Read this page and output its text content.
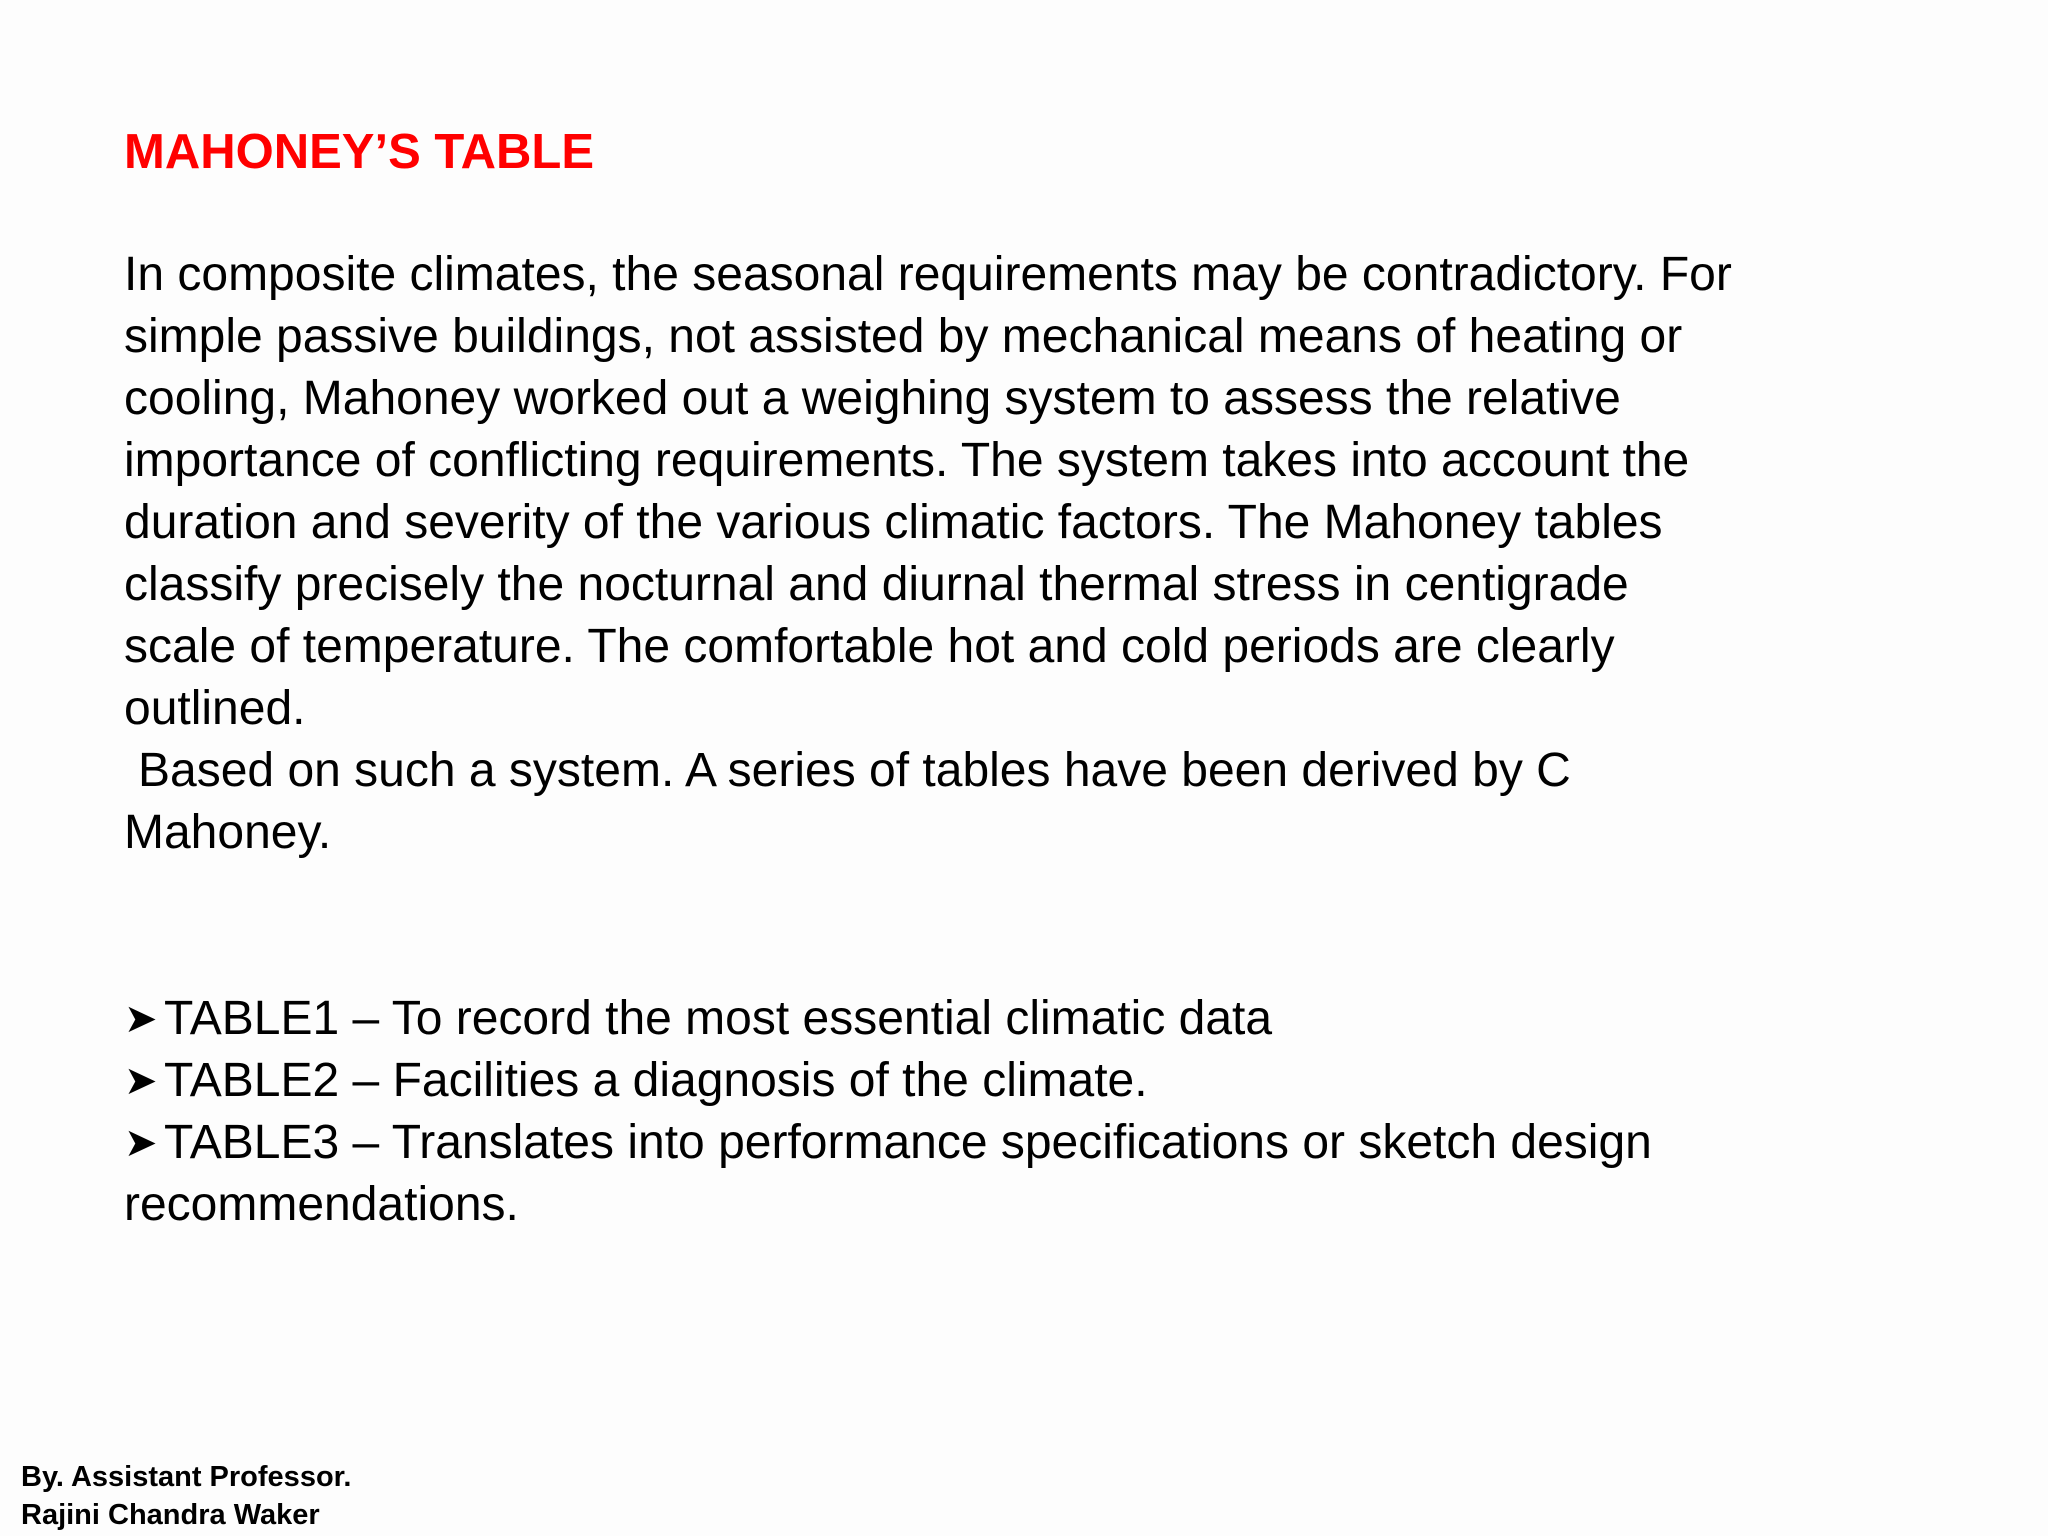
MAHONEY’S TABLE
In composite climates, the seasonal requirements may be contradictory. For
simple passive buildings, not assisted by mechanical means of heating or
cooling, Mahoney worked out a weighing system to assess the relative
importance of conflicting requirements. The system takes into account the
duration and severity of the various climatic factors. The Mahoney tables
classify precisely the nocturnal and diurnal thermal stress in centigrade
scale of temperature. The comfortable hot and cold periods are clearly
outlined.
Based on such a system. A series of tables have been derived by C
Mahoney.
➤ TABLE1 – To record the most essential climatic data
➤ TABLE2 – Facilities a diagnosis of the climate.
➤ TABLE3 – Translates into performance specifications or sketch design
recommendations.
By. Assistant Professor.
Rajini Chandra Waker
